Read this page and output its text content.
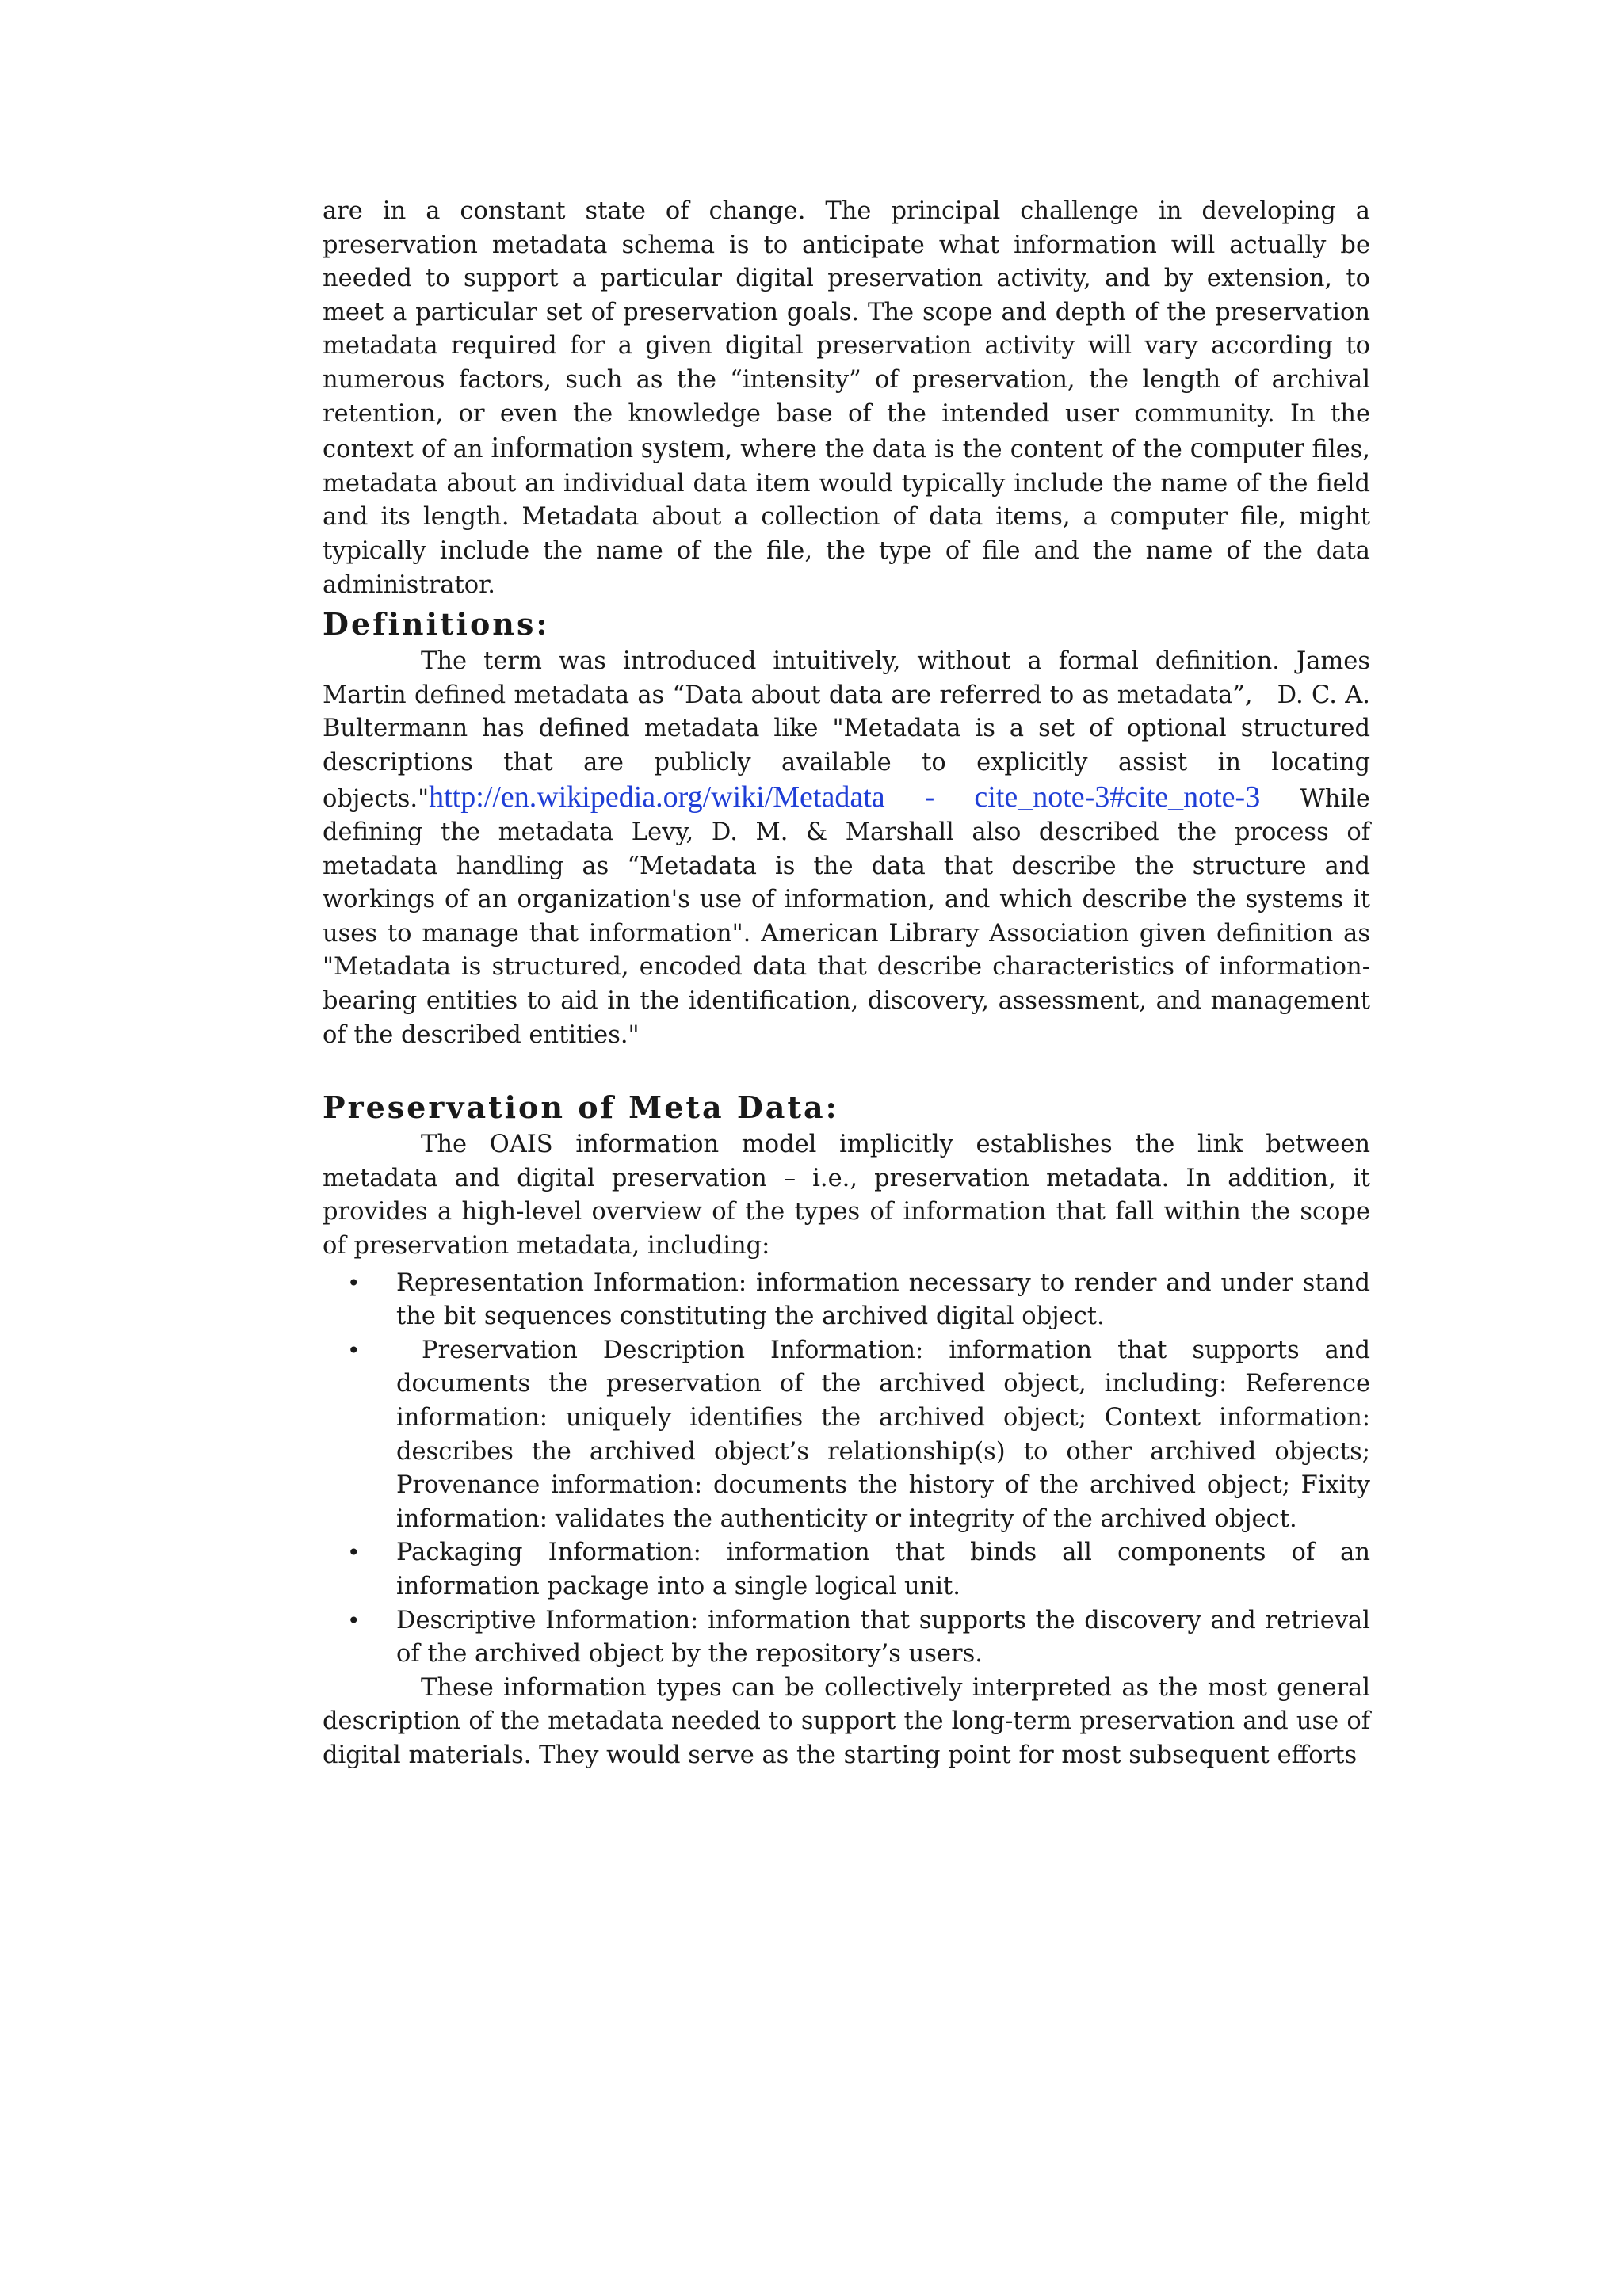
are in a constant state of change. The principal challenge in developing a preservation metadata schema is to anticipate what information will actually be needed to support a particular digital preservation activity, and by extension, to meet a particular set of preservation goals. The scope and depth of the preservation metadata required for a given digital preservation activity will vary according to numerous factors, such as the “intensity” of preservation, the length of archival retention, or even the knowledge base of the intended user community. In the context of an information system, where the data is the content of the computer files, metadata about an individual data item would typically include the name of the field and its length. Metadata about a collection of data items, a computer file, might typically include the name of the file, the type of file and the name of the data administrator.

Definitions:

The term was introduced intuitively, without a formal definition. James Martin defined metadata as “Data about data are referred to as metadata”,   D. C. A. Bultermann has defined metadata like "Metadata is a set of optional structured descriptions that are publicly available to explicitly assist in locating objects."http://en.wikipedia.org/wiki/Metadata - cite_note-3#cite_note-3 While defining the metadata Levy, D. M. & Marshall also described the process of metadata handling as “Metadata is the data that describe the structure and workings of an organization's use of information, and which describe the systems it uses to manage that information". American Library Association given definition as "Metadata is structured, encoded data that describe characteristics of information-bearing entities to aid in the identification, discovery, assessment, and management of the described entities."

Preservation of Meta Data:

The OAIS information model implicitly establishes the link between metadata and digital preservation – i.e., preservation metadata. In addition, it provides a high-level overview of the types of information that fall within the scope of preservation metadata, including:

• Representation Information: information necessary to render and under stand the bit sequences constituting the archived digital object.
• Preservation Description Information: information that supports and documents the preservation of the archived object, including: Reference information: uniquely identifies the archived object; Context information: describes the archived object’s relationship(s) to other archived objects; Provenance information: documents the history of the archived object; Fixity information: validates the authenticity or integrity of the archived object.
• Packaging Information: information that binds all components of an information package into a single logical unit.
• Descriptive Information: information that supports the discovery and retrieval of the archived object by the repository’s users.

These information types can be collectively interpreted as the most general description of the metadata needed to support the long-term preservation and use of digital materials. They would serve as the starting point for most subsequent efforts
